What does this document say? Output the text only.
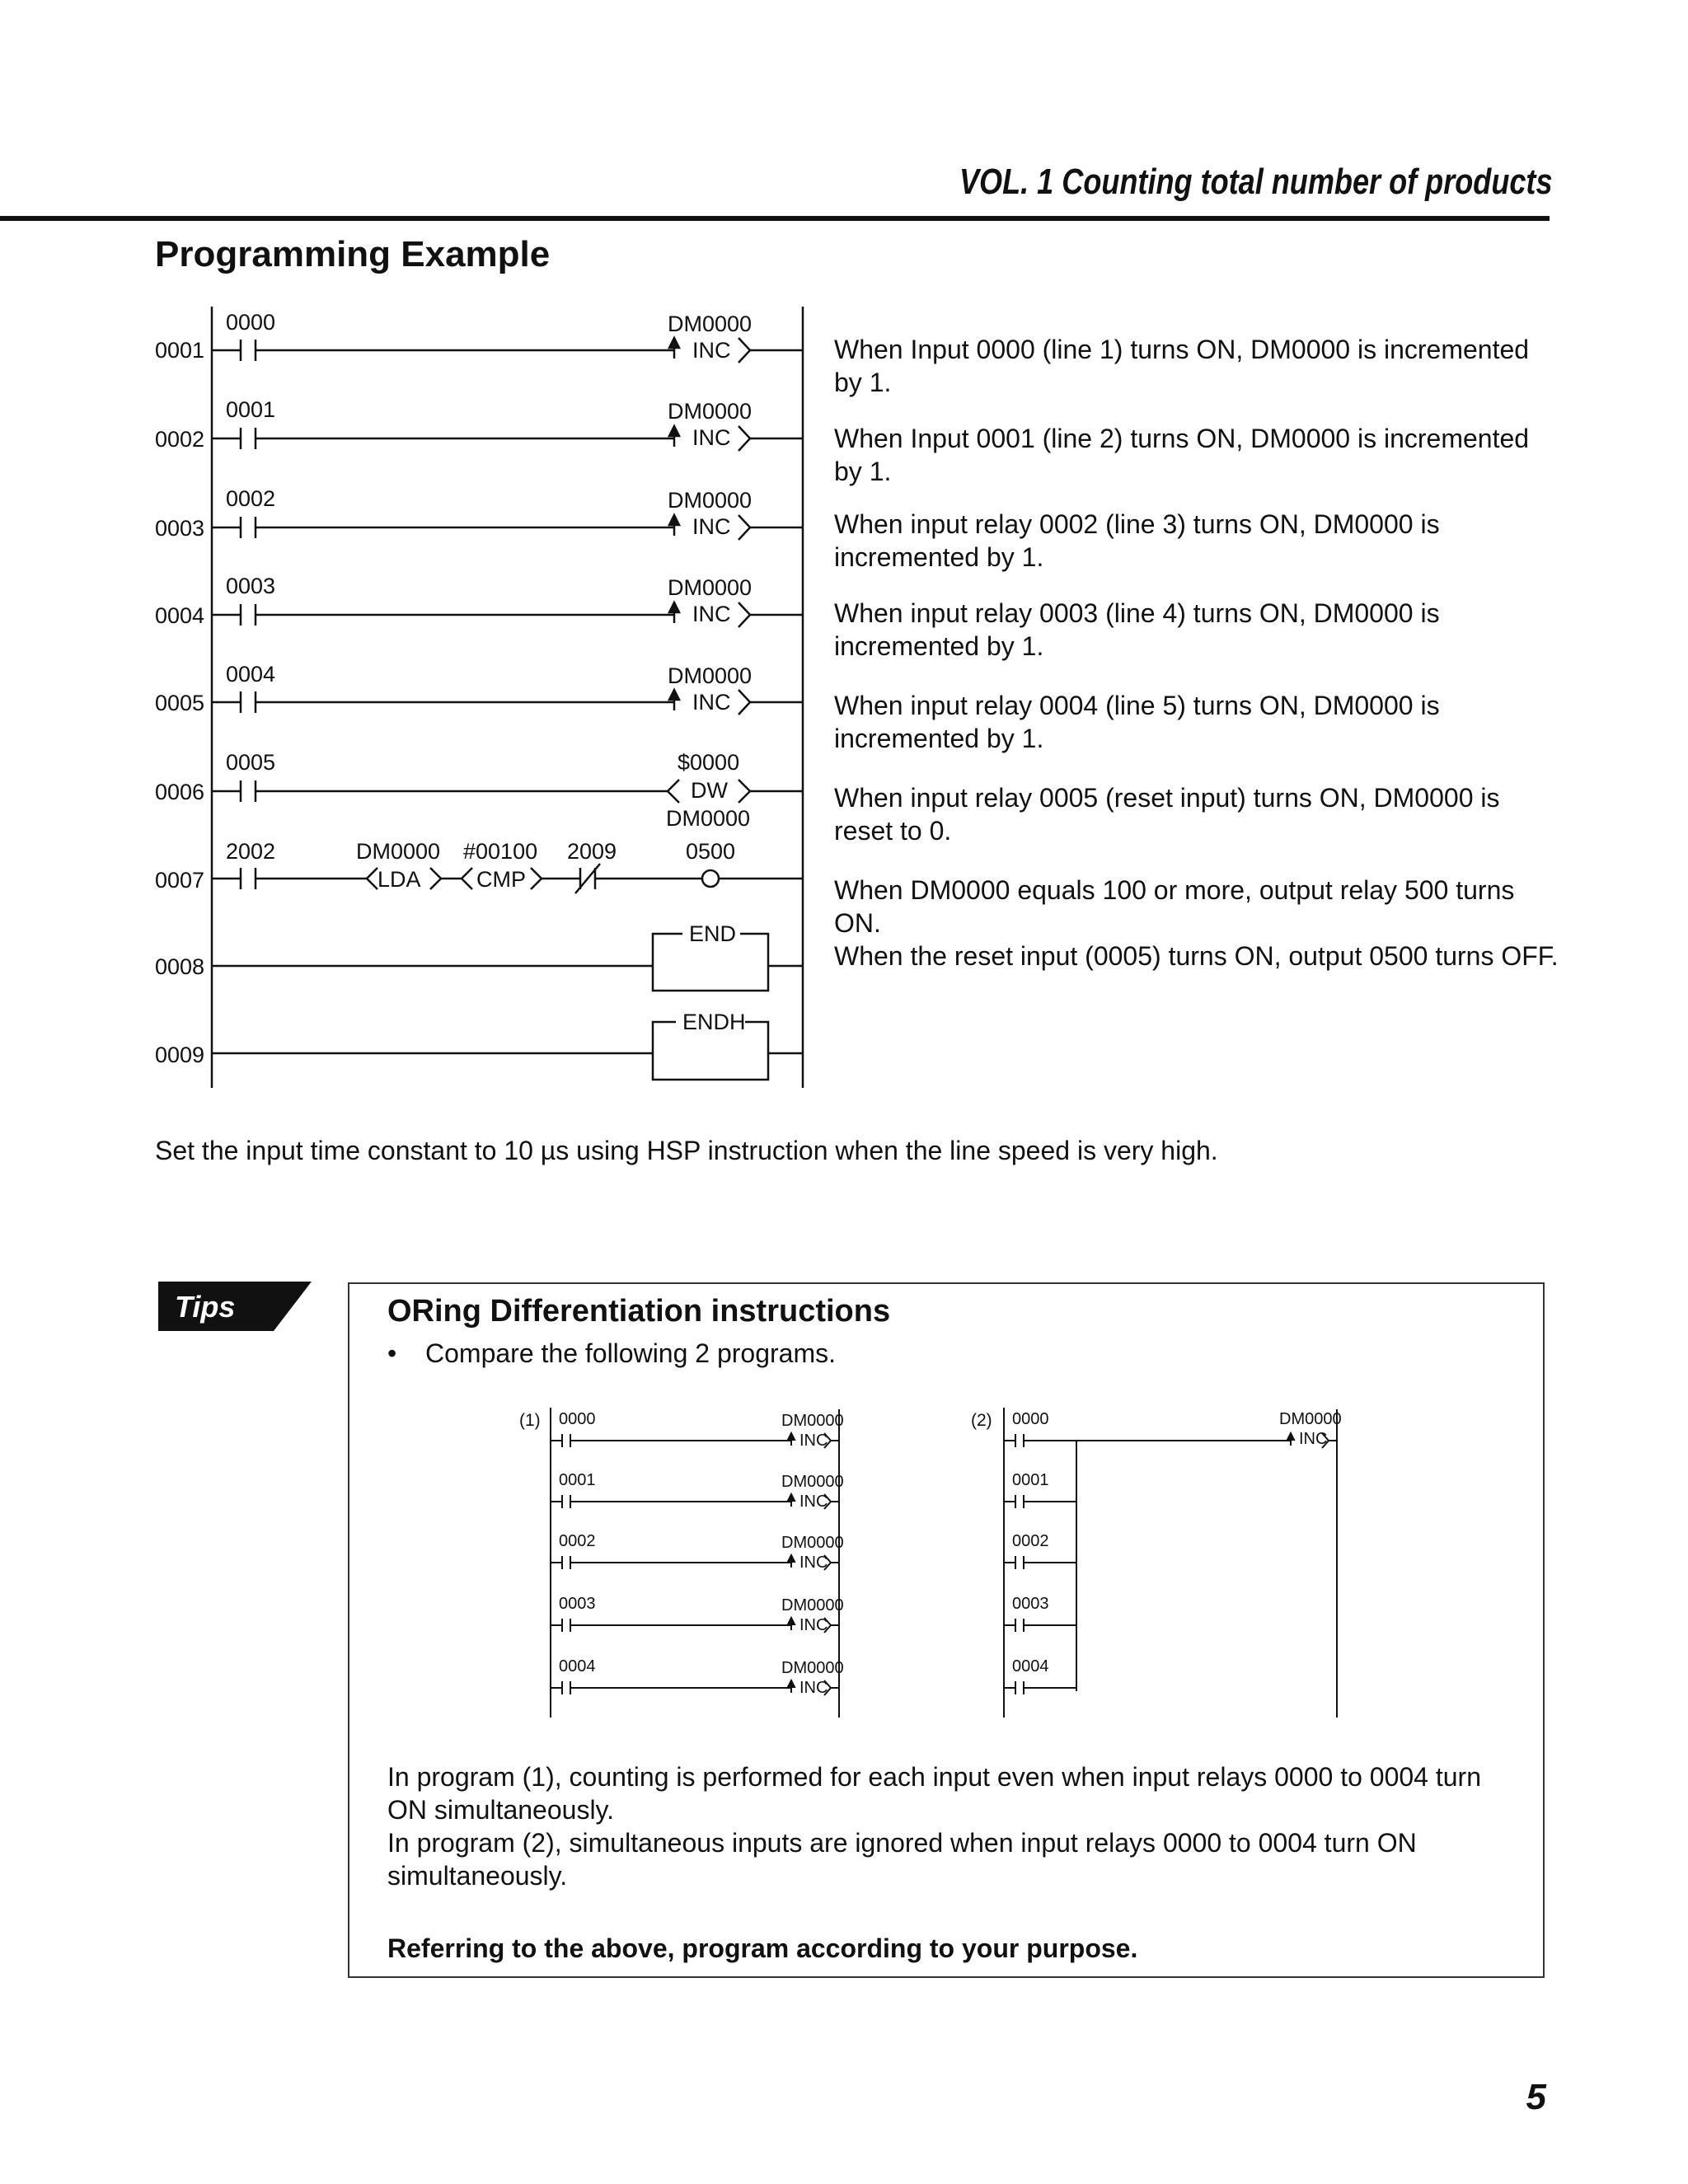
VOL. 1 Counting total number of products
Programming Example
0001
0000	DM0000
INC
0002
0001	DM0000
INC
0003
0002	DM0000
INC
0004
0003	DM0000
INC
0005
0004	DM0000
INC
0006
0005	$0000
DW
DM0000
0007
2002	DM0000
LDA
#00100
CMP
2009	0500
0008
END
0009
ENDH
When Input 0000 (line 1) turns ON, DM0000 is incremented by 1.
When Input 0001 (line 2) turns ON, DM0000 is incremented by 1.
When input relay 0002 (line 3) turns ON, DM0000 is incremented by 1.
When input relay 0003 (line 4) turns ON, DM0000 is incremented by 1.
When input relay 0004 (line 5) turns ON, DM0000 is incremented by 1.
When input relay 0005 (reset input) turns ON, DM0000 is reset to 0.
When DM0000 equals 100 or more, output relay 500 turns ON.
When the reset input (0005) turns ON, output 0500 turns OFF.
Set the input time constant to 10 µs using HSP instruction when the line speed is very high.
Tips	ORing Differentiation instructions
• Compare the following 2 programs.
(1) 0000	DM0000
INC
0001	DM0000
INC
0002	DM0000
INC
0003	DM0000
INC
0004	DM0000
INC
(2) 0000
0001
0002
0003
0004
DM0000
INC

In program (1), counting is performed for each input even when input relays 0000 to 0004 turn ON simultaneously.

In program (2), simultaneous inputs are ignored when input relays 0000 to 0004 turn ON simultaneously.

Referring to the above, program according to your purpose.
5
